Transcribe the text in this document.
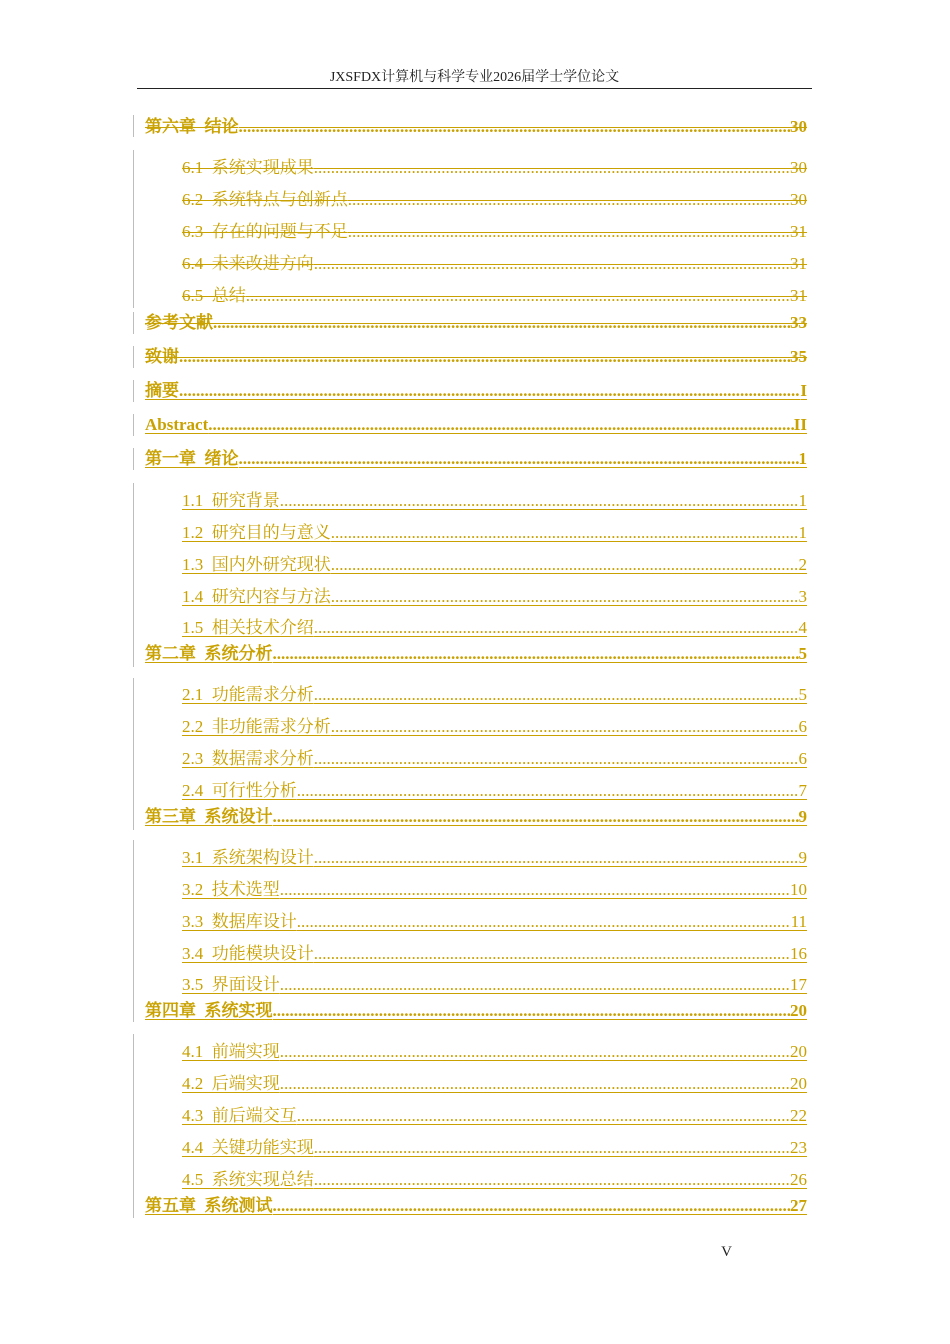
JXSFDX计算机与科学专业2026届学士学位论文
第六章  结论 .....	30
6.1  系统实现成果 .....	30
6.2  系统特点与创新点 .....	30
6.3  存在的问题与不足 .....	31
6.4  未来改进方向 .....	31
6.5  总结 .....	31
参考文献 .....	33
致谢 .....	35
摘要 .....	I
Abstract .....	II
第一章  绪论 .....	1
1.1  研究背景 .....	1
1.2  研究目的与意义 .....	1
1.3  国内外研究现状 .....	2
1.4  研究内容与方法 .....	3
1.5  相关技术介绍 .....	4
第二章  系统分析 .....	5
2.1  功能需求分析 .....	5
2.2  非功能需求分析 .....	6
2.3  数据需求分析 .....	6
2.4  可行性分析 .....	7
第三章  系统设计 .....	9
3.1  系统架构设计 .....	9
3.2  技术选型 .....	10
3.3  数据库设计 .....	11
3.4  功能模块设计 .....	16
3.5  界面设计 .....	17
第四章  系统实现 .....	20
4.1  前端实现 .....	20
4.2  后端实现 .....	20
4.3  前后端交互 .....	22
4.4  关键功能实现 .....	23
4.5  系统实现总结 .....	26
第五章  系统测试 .....	27
V
